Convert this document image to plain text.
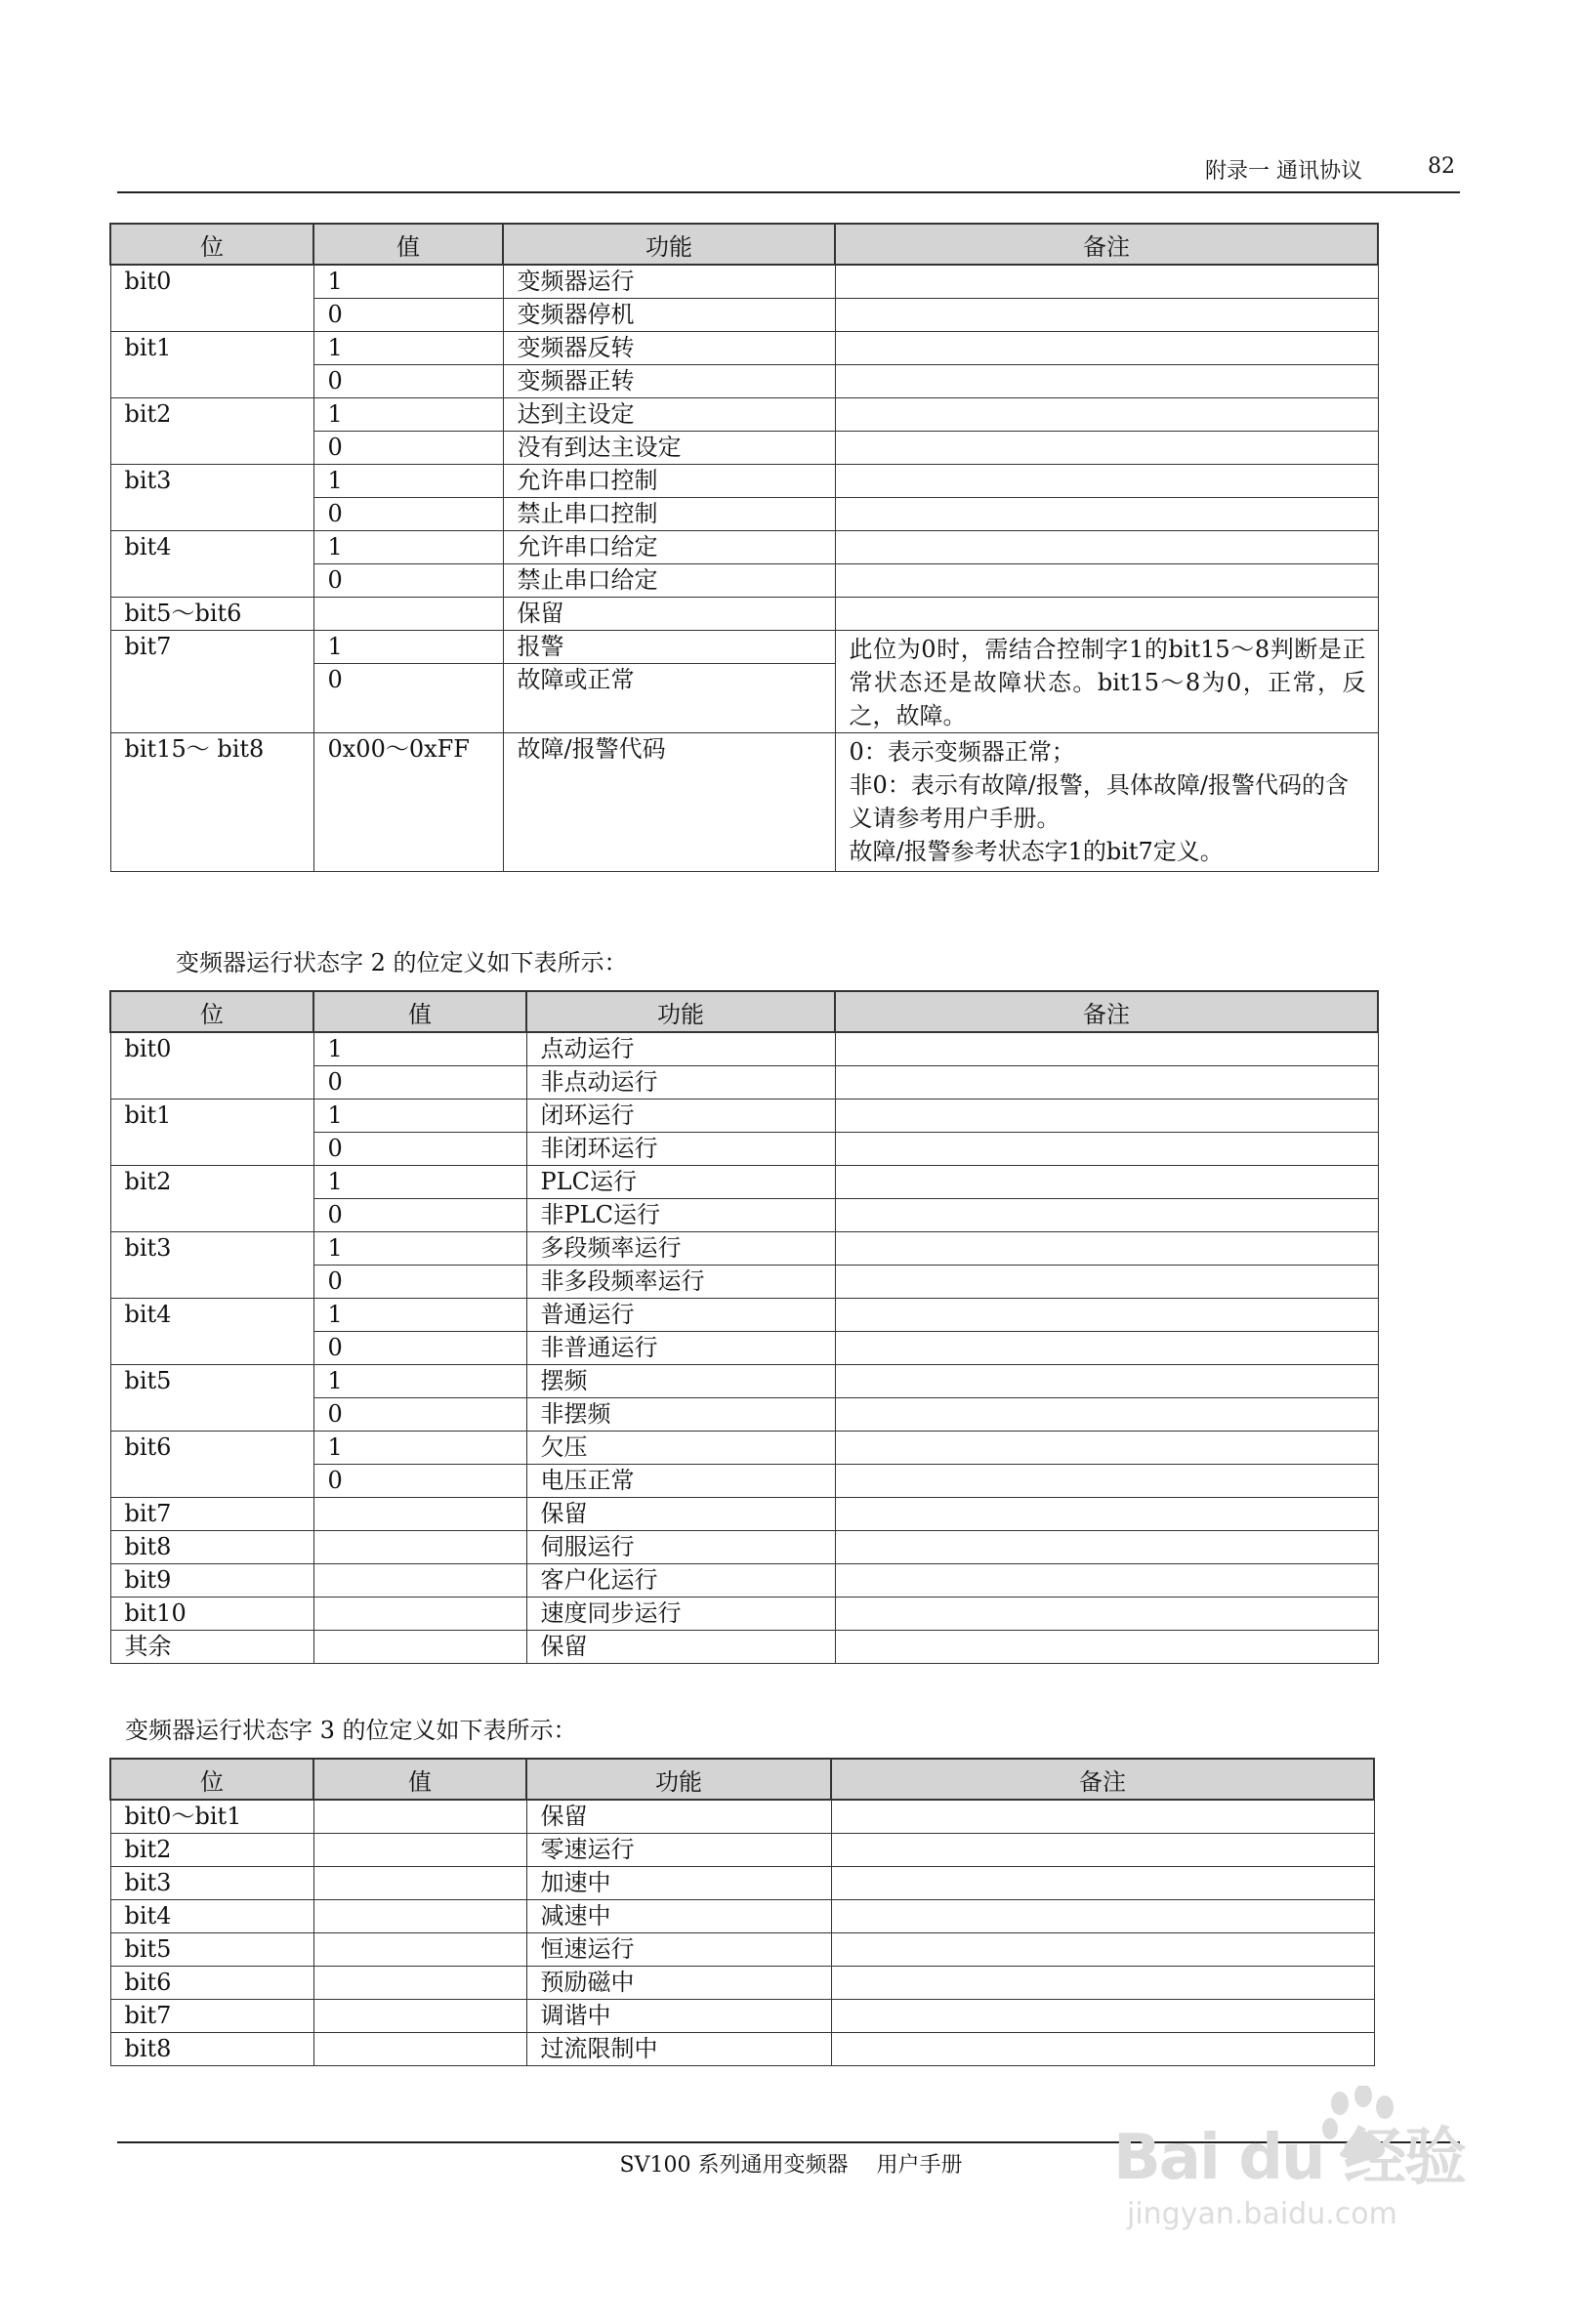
附录一 通讯协议	82
位	值	功能	备注
bit0	1	变频器运行	
	0	变频器停机	
bit1	1	变频器反转	
	0	变频器正转	
bit2	1	达到主设定	
	0	没有到达主设定	
bit3	1	允许串口控制	
	0	禁止串口控制	
bit4	1	允许串口给定	
	0	禁止串口给定	
bit5～bit6		保留	
bit7	1	报警	此位为0时，需结合控制字1的bit15～8判断是正常状态还是故障状态。bit15～8为0，正常，反之，故障。
	0	故障或正常	
bit15～ bit8	0x00～0xFF	故障/报警代码	0：表示变频器正常；
非0：表示有故障/报警，具体故障/报警代码的含义请参考用户手册。
故障/报警参考状态字1的bit7定义。
变频器运行状态字 2 的位定义如下表所示：
位	值	功能	备注
bit0	1	点动运行	
	0	非点动运行	
bit1	1	闭环运行	
	0	非闭环运行	
bit2	1	PLC运行	
	0	非PLC运行	
bit3	1	多段频率运行	
	0	非多段频率运行	
bit4	1	普通运行	
	0	非普通运行	
bit5	1	摆频	
	0	非摆频	
bit6	1	欠压	
	0	电压正常	
bit7		保留	
bit8		伺服运行	
bit9		客户化运行	
bit10		速度同步运行	
其余		保留	
变频器运行状态字 3 的位定义如下表所示：
位	值	功能	备注
bit0～bit1		保留	
bit2		零速运行	
bit3		加速中	
bit4		减速中	
bit5		恒速运行	
bit6		预励磁中	
bit7		调谐中	
bit8		过流限制中	
SV100 系列通用变频器　 用户手册	Bai du 经验
jingyan.baidu.com
